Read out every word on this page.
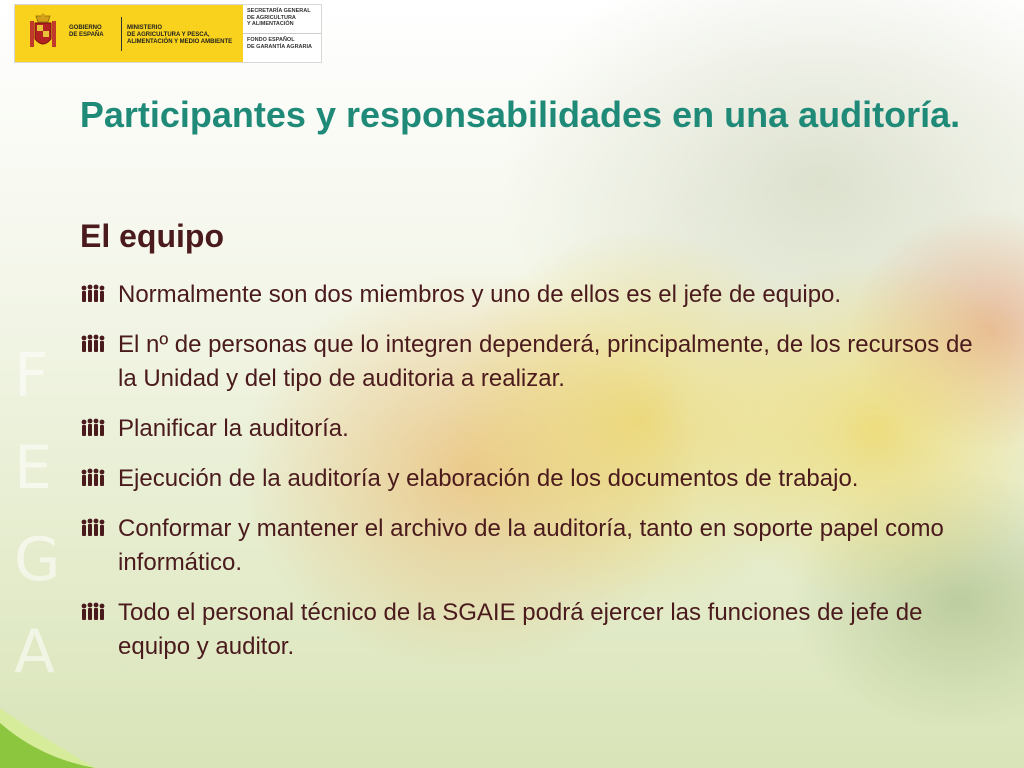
GOBIERNO
DE ESPAÑA
MINISTERIO
DE AGRICULTURA Y PESCA,
ALIMENTACIÓN Y MEDIO AMBIENTE
SECRETARÍA GENERAL
DE AGRICULTURA
Y ALIMENTACIÓN
FONDO ESPAÑOL
DE GARANTÍA AGRARIA
F
E
G
A
Participantes y responsabilidades en una auditoría.
El equipo
Normalmente son dos miembros y uno de ellos es el jefe de equipo.
El nº de personas que lo integren dependerá, principalmente, de los recursos de la Unidad y del tipo de auditoria a realizar.
Planificar la auditoría.
Ejecución de la auditoría y elaboración de los documentos de trabajo.
Conformar y mantener el archivo de la auditoría, tanto en soporte papel como informático.
Todo el personal técnico de la SGAIE podrá ejercer las funciones de jefe de equipo y auditor.
